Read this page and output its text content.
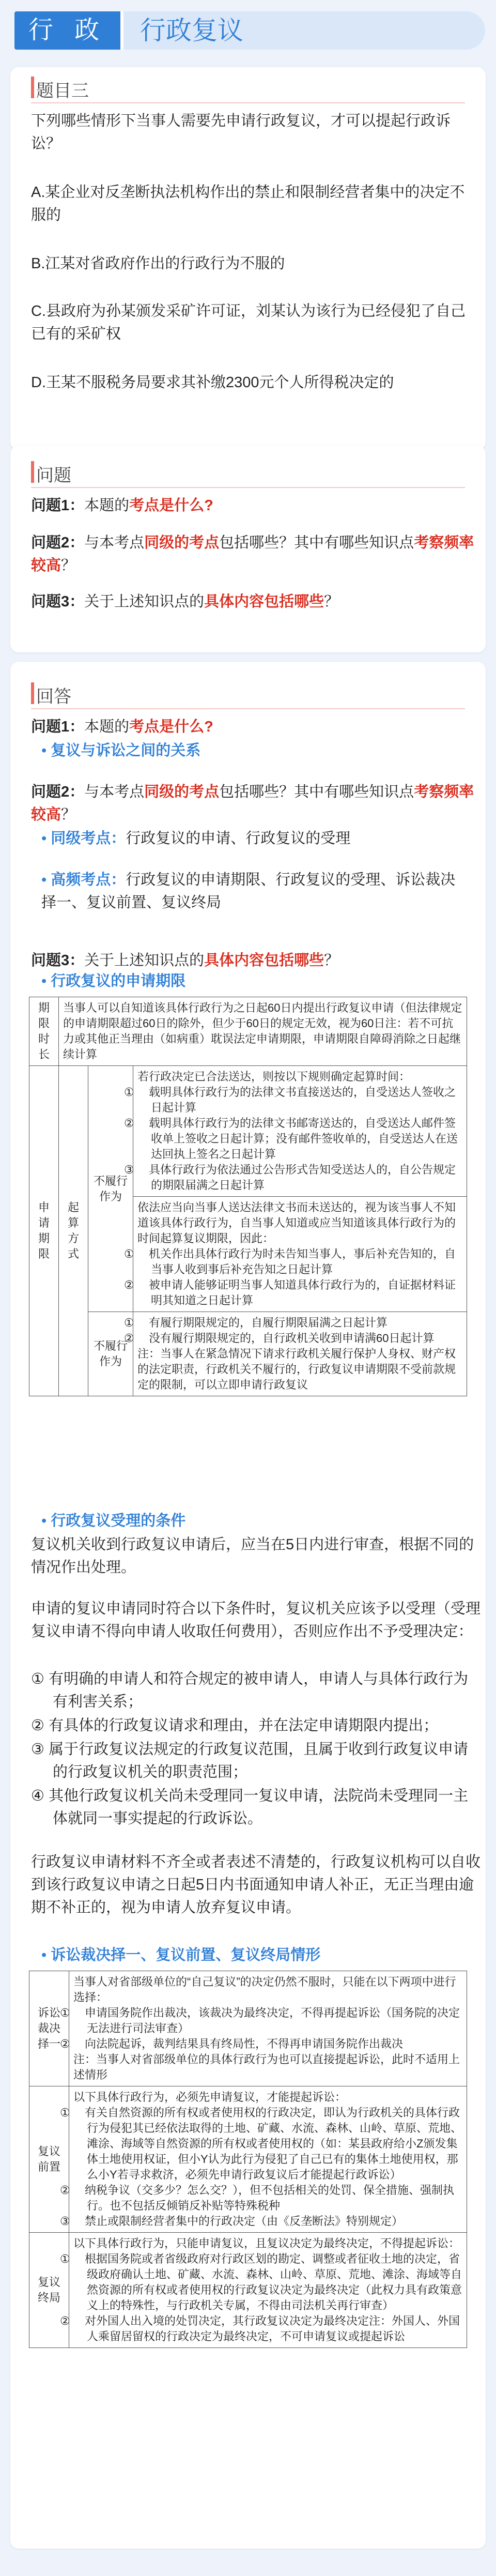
行 政	行政复议
题目三
下列哪些情形下当事人需要先申请行政复议，才可以提起行政诉讼？
A.某企业对反垄断执法机构作出的禁止和限制经营者集中的决定不服的
B.江某对省政府作出的行政行为不服的
C.县政府为孙某颁发采矿许可证，刘某认为该行为已经侵犯了自己已有的采矿权
D.王某不服税务局要求其补缴2300元个人所得税决定的
问题
问题1：本题的考点是什么?
问题2：与本考点同级的考点包括哪些？其中有哪些知识点考察频率较高？
问题3：关于上述知识点的具体内容包括哪些？
回答
问题1：本题的考点是什么?
• 复议与诉讼之间的关系
问题2：与本考点同级的考点包括哪些？其中有哪些知识点考察频率较高？
• 同级考点：行政复议的申请、行政复议的受理
• 高频考点：行政复议的申请期限、行政复议的受理、诉讼裁决择一、复议前置、复议终局
问题3：关于上述知识点的具体内容包括哪些？
• 行政复议的申请期限
期限时长	当事人可以自知道该具体行政行为之日起60日内提出行政复议申请（但法律规定的申请期限超过60日的除外，但少于60日的规定无效，视为60日注：若不可抗力或其他正当理由（如病重）耽误法定申请期限，申请期限自障碍消除之日起继续计算		
申请期限	起算方式	不履行作为	若行政决定已合法送达，则按以下规则确定起算时间：
① 载明具体行政行为的法律文书直接送达的，自受送达人签收之日起计算
② 载明具体行政行为的法律文书邮寄送达的，自受送达人邮件签收单上签收之日起计算；没有邮件签收单的，自受送达人在送达回执上签名之日起计算
③ 具体行政行为依法通过公告形式告知受送达人的，自公告规定的期限届满之日起计算

			依法应当向当事人送达法律文书而未送达的，视为该当事人不知道该具体行政行为，自当事人知道或应当知道该具体行政行为的时间起算复议期限，因此：
① 机关作出具体行政行为时未告知当事人，事后补充告知的，自当事人收到事后补充告知之日起计算
② 被申请人能够证明当事人知道具体行政行为的，自证据材料证明其知道之日起计算

		不履行作为	① 有履行期限规定的，自履行期限届满之日起计算
② 没有履行期限规定的，自行政机关收到申请满60日起计算
注：当事人在紧急情况下请求行政机关履行保护人身权、财产权的法定职责，行政机关不履行的，行政复议申请期限不受前款规定的限制，可以立即申请行政复议
• 行政复议受理的条件
复议机关收到行政复议申请后，应当在5日内进行审查，根据不同的情况作出处理。
申请的复议申请同时符合以下条件时，复议机关应该予以受理（受理复议申请不得向申请人收取任何费用），否则应作出不予受理决定：
① 有明确的申请人和符合规定的被申请人，申请人与具体行政行为有利害关系；
② 有具体的行政复议请求和理由，并在法定申请期限内提出；
③ 属于行政复议法规定的行政复议范围，且属于收到行政复议申请的行政复议机关的职责范围；
④ 其他行政复议机关尚未受理同一复议申请，法院尚未受理同一主体就同一事实提起的行政诉讼。
行政复议申请材料不齐全或者表述不清楚的，行政复议机构可以自收到该行政复议申请之日起5日内书面通知申请人补正，无正当理由逾期不补正的，视为申请人放弃复议申请。
• 诉讼裁决择一、复议前置、复议终局情形
诉讼裁决择一	当事人对省部级单位的“自己复议”的决定仍然不服时，只能在以下两项中进行选择：
① 申请国务院作出裁决，该裁决为最终决定，不得再提起诉讼（国务院的决定无法进行司法审查）
② 向法院起诉，裁判结果具有终局性，不得再申请国务院作出裁决
注：当事人对省部级单位的具体行政行为也可以直接提起诉讼，此时不适用上述情形

复议前置	以下具体行政行为，必须先申请复议，才能提起诉讼：
① 有关自然资源的所有权或者使用权的行政决定，即认为行政机关的具体行政行为侵犯其已经依法取得的土地、矿藏、水流、森林、山岭、草原、荒地、滩涂、海域等自然资源的所有权或者使用权的（如：某县政府给小Z颁发集体土地使用权证，但小Y认为此行为侵犯了自己已有的集体土地使用权，那么小Y若寻求救济，必须先申请行政复议后才能提起行政诉讼）
② 纳税争议（交多少？怎么交？），但不包括相关的处罚、保全措施、强制执行。也不包括反倾销反补贴等特殊税种
③ 禁止或限制经营者集中的行政决定（由《反垄断法》特别规定）

复议终局	以下具体行政行为，只能申请复议，且复议决定为最终决定，不得提起诉讼：
① 根据国务院或者省级政府对行政区划的勘定、调整或者征收土地的决定，省级政府确认土地、矿藏、水流、森林、山岭、草原、荒地、滩涂、海域等自然资源的所有权或者使用权的行政复议决定为最终决定（此权力具有政策意义上的特殊性，与行政机关专属，不得由司法机关再行审查）
② 对外国人出入境的处罚决定，其行政复议决定为最终决定注：外国人、外国人乘留居留权的行政决定为最终决定，不可申请复议或提起诉讼
